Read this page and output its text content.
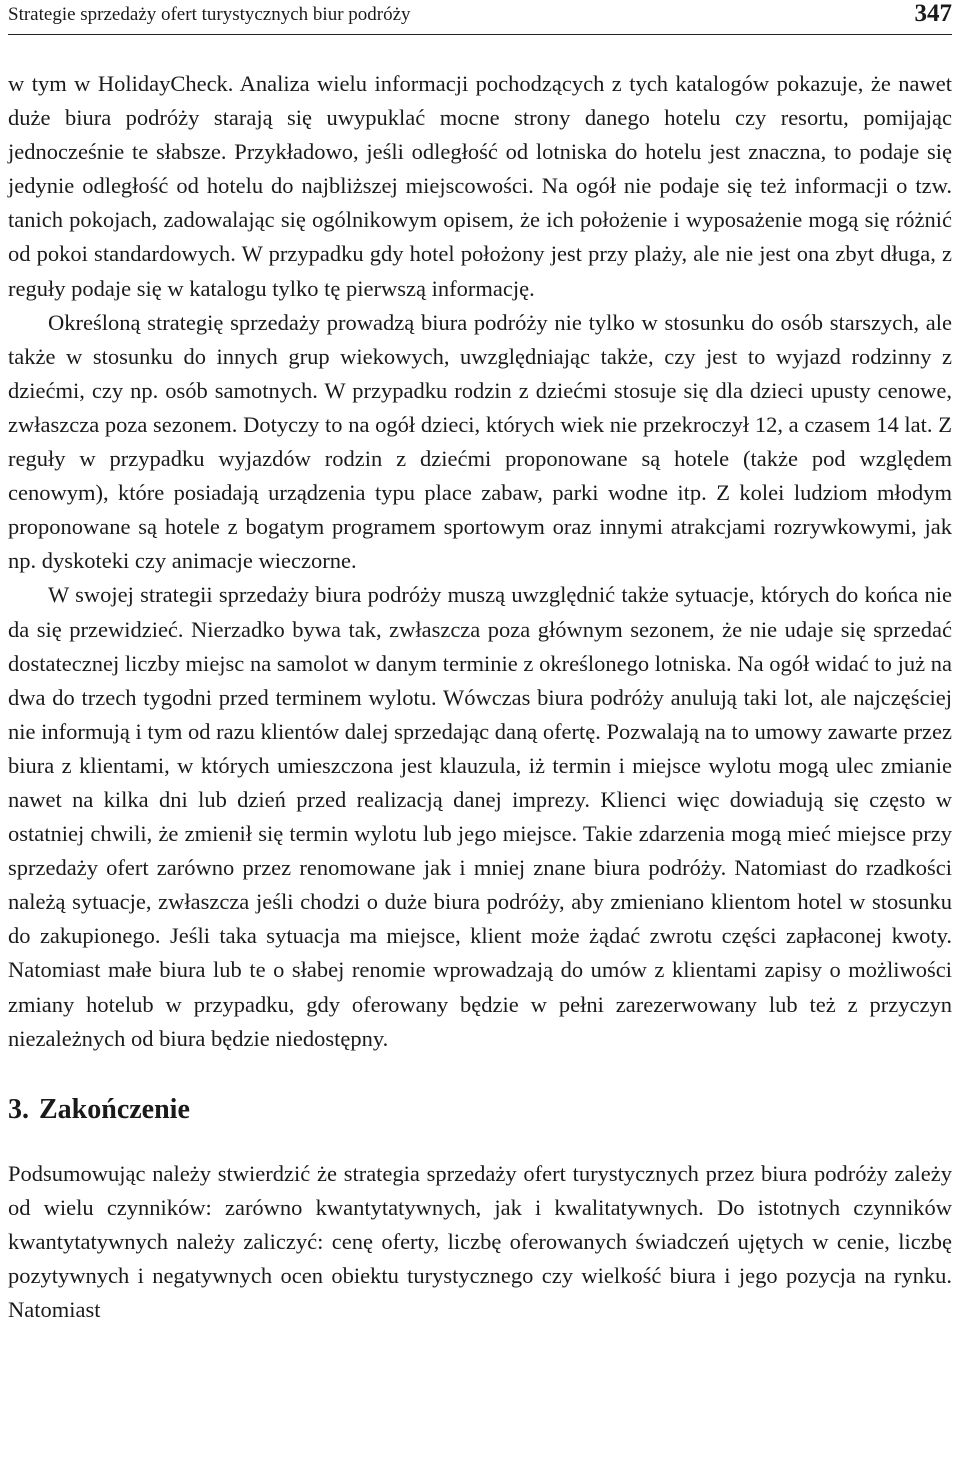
Strategie sprzedaży ofert turystycznych biur podróży	347

w tym w HolidayCheck. Analiza wielu informacji pochodzących z tych katalogów pokazuje, że nawet duże biura podróży starają się uwypuklać mocne strony danego hotelu czy resortu, pomijając jednocześnie te słabsze. Przykładowo, jeśli odległość od lotniska do hotelu jest znaczna, to podaje się jedynie odległość od hotelu do najbliższej miejscowości. Na ogół nie podaje się też informacji o tzw. tanich pokojach, zadowalając się ogólnikowym opisem, że ich położenie i wyposażenie mogą się różnić od pokoi standardowych. W przypadku gdy hotel położony jest przy plaży, ale nie jest ona zbyt długa, z reguły podaje się w katalogu tylko tę pierwszą informację.

Określoną strategię sprzedaży prowadzą biura podróży nie tylko w stosunku do osób starszych, ale także w stosunku do innych grup wiekowych, uwzględniając także, czy jest to wyjazd rodzinny z dziećmi, czy np. osób samotnych. W przypadku rodzin z dziećmi stosuje się dla dzieci upusty cenowe, zwłaszcza poza sezonem. Dotyczy to na ogół dzieci, których wiek nie przekroczył 12, a czasem 14 lat. Z reguły w przypadku wyjazdów rodzin z dziećmi proponowane są hotele (także pod względem cenowym), które posiadają urządzenia typu place zabaw, parki wodne itp. Z kolei ludziom młodym proponowane są hotele z bogatym programem sportowym oraz innymi atrakcjami rozrywkowymi, jak np. dyskoteki czy animacje wieczorne.

W swojej strategii sprzedaży biura podróży muszą uwzględnić także sytuacje, których do końca nie da się przewidzieć. Nierzadko bywa tak, zwłaszcza poza głównym sezonem, że nie udaje się sprzedać dostatecznej liczby miejsc na samolot w danym terminie z określonego lotniska. Na ogół widać to już na dwa do trzech tygodni przed terminem wylotu. Wówczas biura podróży anulują taki lot, ale najczęściej nie informują i tym od razu klientów dalej sprzedając daną ofertę. Pozwalają na to umowy zawarte przez biura z klientami, w których umieszczona jest klauzula, iż termin i miejsce wylotu mogą ulec zmianie nawet na kilka dni lub dzień przed realizacją danej imprezy. Klienci więc dowiadują się często w ostatniej chwili, że zmienił się termin wylotu lub jego miejsce. Takie zdarzenia mogą mieć miejsce przy sprzedaży ofert zarówno przez renomowane jak i mniej znane biura podróży. Natomiast do rzadkości należą sytuacje, zwłaszcza jeśli chodzi o duże biura podróży, aby zmieniano klientom hotel w stosunku do zakupionego. Jeśli taka sytuacja ma miejsce, klient może żądać zwrotu części zapłaconej kwoty. Natomiast małe biura lub te o słabej renomie wprowadzają do umów z klientami zapisy o możliwości zmiany hotelub w przypadku, gdy oferowany będzie w pełni zarezerwowany lub też z przyczyn niezależnych od biura będzie niedostępny.

3. Zakończenie

Podsumowując należy stwierdzić że strategia sprzedaży ofert turystycznych przez biura podróży zależy od wielu czynników: zarówno kwantytatywnych, jak i kwalitatywnych. Do istotnych czynników kwantytatywnych należy zaliczyć: cenę oferty, liczbę oferowanych świadczeń ujętych w cenie, liczbę pozytywnych i negatywnych ocen obiektu turystycznego czy wielkość biura i jego pozycja na rynku. Natomiast
